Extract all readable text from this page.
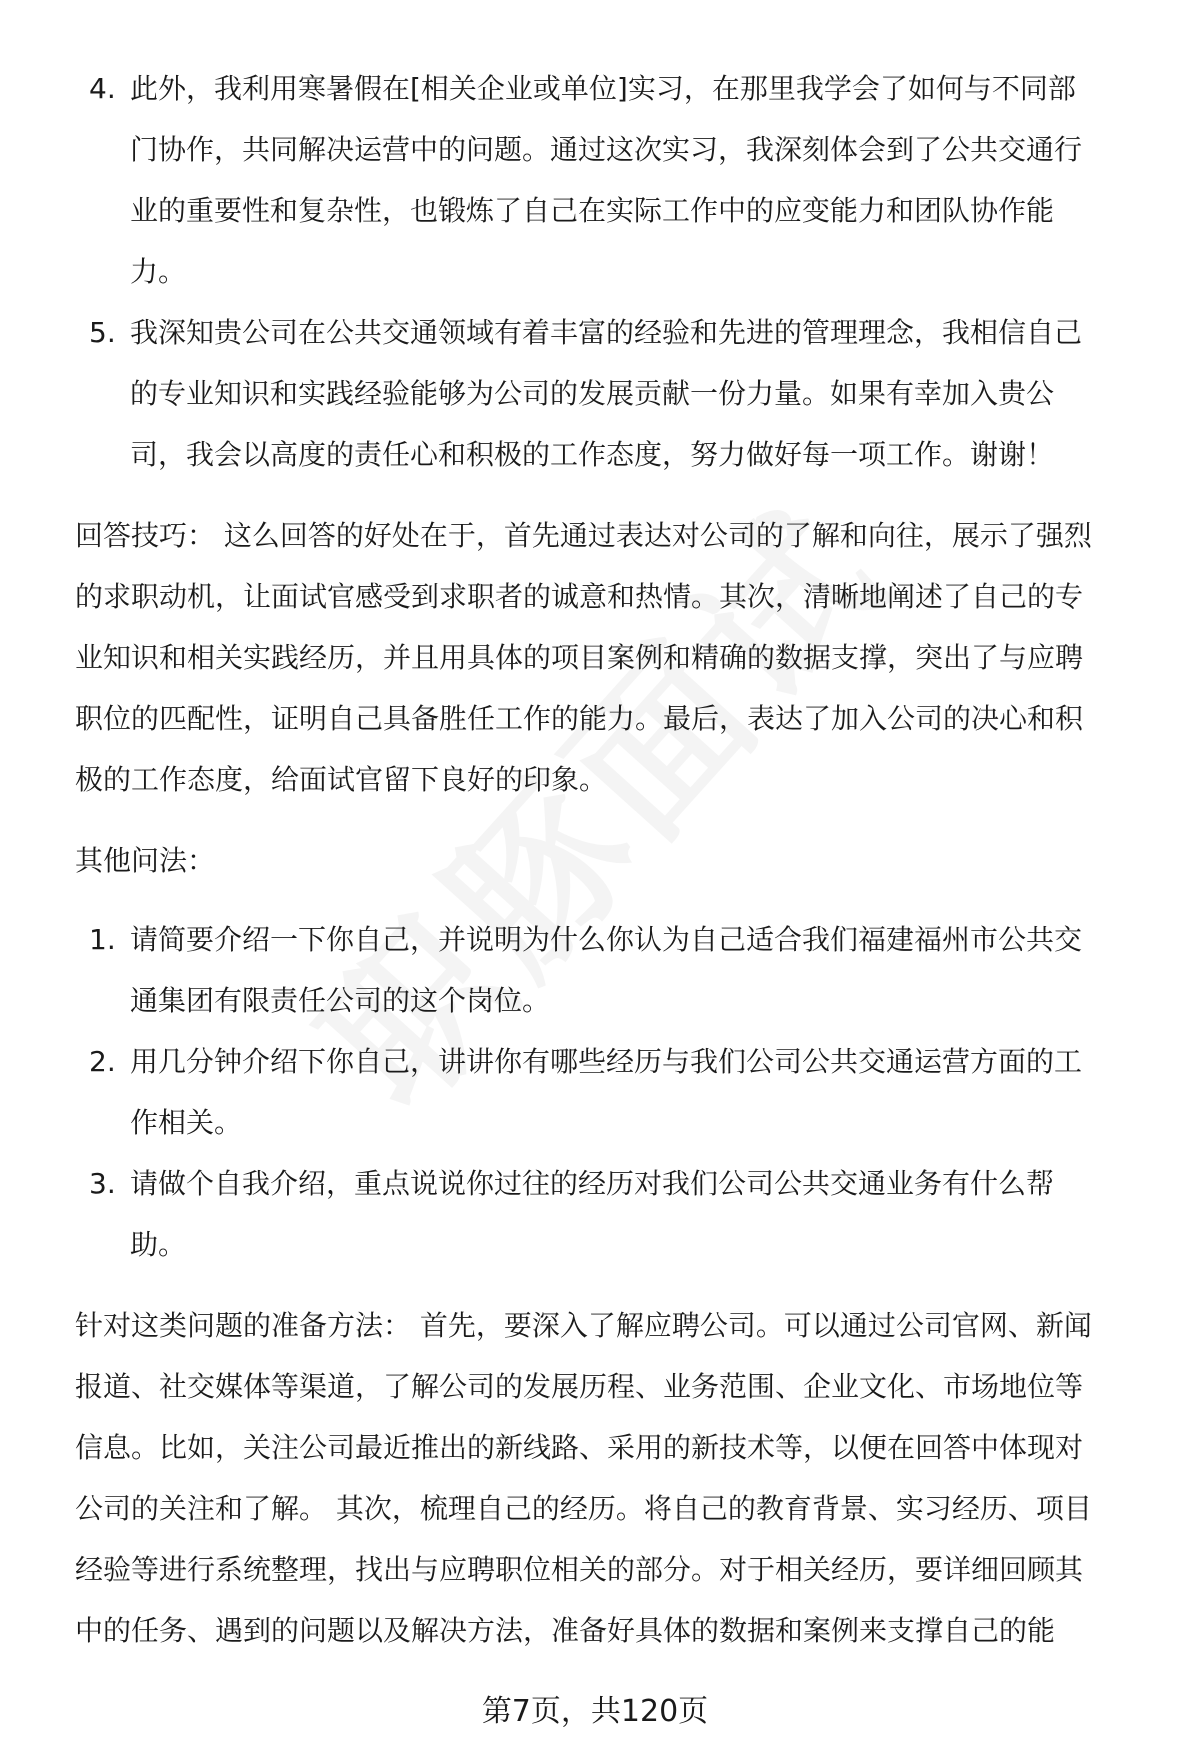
4. 此外，我利用寒暑假在[相关企业或单位]实习，在那里我学会了如何与不同部
门协作，共同解决运营中的问题。通过这次实习，我深刻体会到了公共交通行
业的重要性和复杂性，也锻炼了自己在实际工作中的应变能力和团队协作能
力。
5. 我深知贵公司在公共交通领域有着丰富的经验和先进的管理理念，我相信自己
的专业知识和实践经验能够为公司的发展贡献一份力量。如果有幸加入贵公
司，我会以高度的责任心和积极的工作态度，努力做好每一项工作。谢谢！
回答技巧： 这么回答的好处在于，首先通过表达对公司的了解和向往，展示了强烈
的求职动机，让面试官感受到求职者的诚意和热情。其次，清晰地阐述了自己的专
业知识和相关实践经历，并且用具体的项目案例和精确的数据支撑，突出了与应聘
职位的匹配性，证明自己具备胜任工作的能力。最后，表达了加入公司的决心和积
极的工作态度，给面试官留下良好的印象。
其他问法：
1. 请简要介绍一下你自己，并说明为什么你认为自己适合我们福建福州市公共交
通集团有限责任公司的这个岗位。
2. 用几分钟介绍下你自己，讲讲你有哪些经历与我们公司公共交通运营方面的工
作相关。
3. 请做个自我介绍，重点说说你过往的经历对我们公司公共交通业务有什么帮
助。
针对这类问题的准备方法： 首先，要深入了解应聘公司。可以通过公司官网、新闻
报道、社交媒体等渠道，了解公司的发展历程、业务范围、企业文化、市场地位等
信息。比如，关注公司最近推出的新线路、采用的新技术等，以便在回答中体现对
公司的关注和了解。 其次，梳理自己的经历。将自己的教育背景、实习经历、项目
经验等进行系统整理，找出与应聘职位相关的部分。对于相关经历，要详细回顾其
中的任务、遇到的问题以及解决方法，准备好具体的数据和案例来支撑自己的能
第7页，共120页
